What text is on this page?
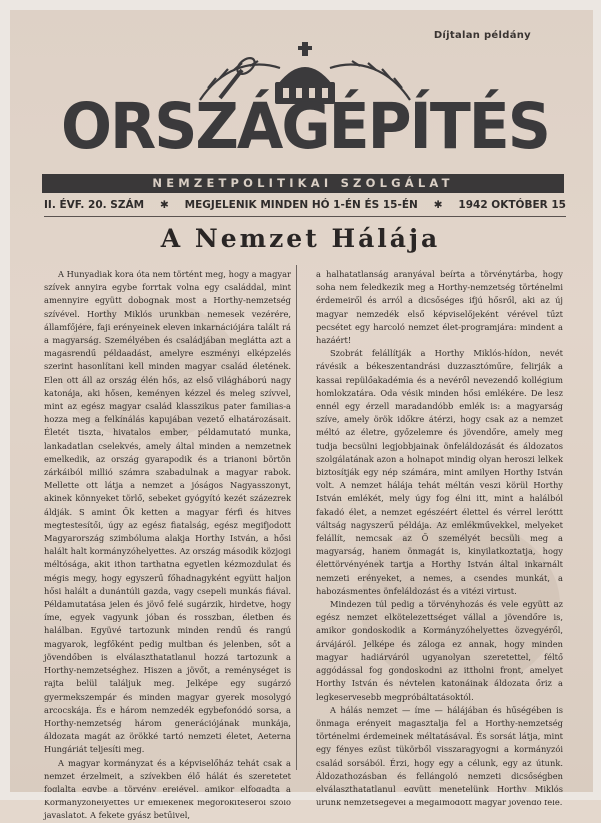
Díjtalan példány
ORSZÁGÉPÍTÉS
NEMZETPOLITIKAI SZOLGÁLAT
II. ÉVF. 20. SZÁM ✱ MEGJELENIK MINDEN HÓ 1-ÉN ÉS 15-ÉN ✱ 1942 OKTÓBER 15
A Nemzet Hálája

A Hunyadiak kora óta nem történt meg, hogy a magyar szívek annyira egybe forrtak volna egy családdal, mint amennyire együtt dobognak most a Horthy-nemzetség szívével. Horthy Miklós urunkban nemesek vezérére, államfőjére, faji erényeinek eleven inkarnációjára talált rá a magyarság. Személyében és családjában meglátta azt a magasrendű példaadást, amelyre eszményi elképzelés szerint hasonlítani kell minden magyar család életének. Elen ott áll az ország élén hős, az első világháború nagy katonája, aki hősen, keményen kézzel és meleg szívvel, mint az egész magyar család klasszikus pater familias-a hozza meg a felkínálás kapujában vezető elhatározásait. Életét tiszta, hivatalos ember, példamutató munka, lankadatlan cselekvés, amely által minden a nemzetnek emelkedik, az ország gyarapodik és a trianoni börtön zárkáiból millió számra szabadulnak a magyar rabok. Mellette ott látja a nemzet a jóságos Nagyasszonyt, akinek könnyeket törlő, sebeket gyógyító kezét százezrek áldják. S amint Ők ketten a magyar férfi és hitves megtestesítői, úgy az egész fiatalság, egész megifjodott Magyarország szimbóluma alakja Horthy István, a hősi halált halt kormányzóhelyettes. Az ország második közjogi méltósága, akit ithon tarthatna egyetlen kézmozdulat és mégis megy, hogy egyszerű főhadnagyként együtt haljon hősi halált a dunántúli gazda, vagy csepeli munkás fiával. Példamutatása jelen és jövő felé sugárzik, hirdetve, hogy íme, egyek vagyunk jóban és rosszban, életben és halálban. Együvé tartozunk minden rendű és rangú magyarok, legfőként pedig multban és jelenben, sőt a jövendőben is elválaszthatatlanul hozzá tartozunk a Horthy-nemzetséghez. Hiszen a jövőt, a reménységet is rajta belül találjuk meg. Jelképe egy sugárzó gyermekszempár és minden magyar gyerek mosolygó arcocskája. És e három nemzedék egybefonódó sorsa, a Horthy-nemzetség három generációjának munkája, áldozata magát az örökké tartó nemzeti életet, Aeterna Hungáriát teljesíti meg.

A magyar kormányzat és a képviselőház tehát csak a nemzet érzelmeit, a szívekben élő hálát és szeretetet foglalta egybe a törvény erejével, amikor elfogadta a Kormányzóhelyettes Úr emlékének megörökítéséről szóló javaslatot. A fekete gyász betűivel,

a halhatatlanság aranyával beírta a törvénytárba, hogy soha nem feledkezik meg a Horthy-nemzetség történelmi érdemeiről és arról a dicsőséges ifjú hősről, aki az új magyar nemzedék első képviselőjeként vérével tűzt pecsétet egy harcoló nemzet élet-programjára: mindent a hazáért!

Szobrát felállítják a Horthy Miklós-hídon, nevét rávésik a békeszentandrási duzzasztóműre, felirják a kassai repülőakadémia és a nevéről nevezendő kollégium homlokzatára. Oda vésik minden hősi emlékére. De lesz ennél egy érzell maradandóbb emlék is: a magyarság szíve, amely örök időkre átérzi, hogy csak az a nemzet méltó az életre, győzelemre és jövendőre, amely meg tudja becsülni legjobbjainak önfeláldozását és áldozatos szolgálatának azon a holnapot mindig olyan heroszi lelkek biztosítják egy nép számára, mint amilyen Horthy István volt. A nemzet hálája tehát méltán veszi körül Horthy István emlékét, mely úgy fog élni itt, mint a halálból fakadó élet, a nemzet egészéért élettel és vérrel leróttt váltság nagyszerű példája. Az emlékművekkel, melyeket felállít, nemcsak az Ő személyét becsüli meg a magyarság, hanem önmagát is, kinyilatkoztatja, hogy élettörvényének tartja a Horthy István által inkarnált nemzeti erényeket, a nemes, a csendes munkát, a habozásmentes önfeláldozást és a vitézi virtust.

Mindezen túl pedig a törvényhozás és vele együtt az egész nemzet elkötelezettséget vállal a jövendőre is, amikor gondoskodik a Kormányzóhelyettes özvegyéről, árvájáról. Jelképe és záloga ez annak, hogy minden magyar hadiárváról ugyanolyan szeretettel, féltő aggódással fog gondoskodni az ittholni front, amelyet Horthy István és névtelen katonáinak áldozata őriz a legkeservesebb megpróbáltatásoktól.

A hálás nemzet — íme — hálájában és hűségében is önmaga erényeit magasztalja fel a Horthy-nemzetség történelmi érdemeinek méltatásával. És sorsát látja, mint egy fényes ezüst tükörből visszaragyogni a kormányzói család sorsából. Érzi, hogy egy a célunk, egy az útunk. Áldozathozásban és fellángoló nemzeti dicsőségben elválaszthatatlanul együtt menetelünk Horthy Miklós urunk nemzetségével a megálmodott magyar jövendő felé.
